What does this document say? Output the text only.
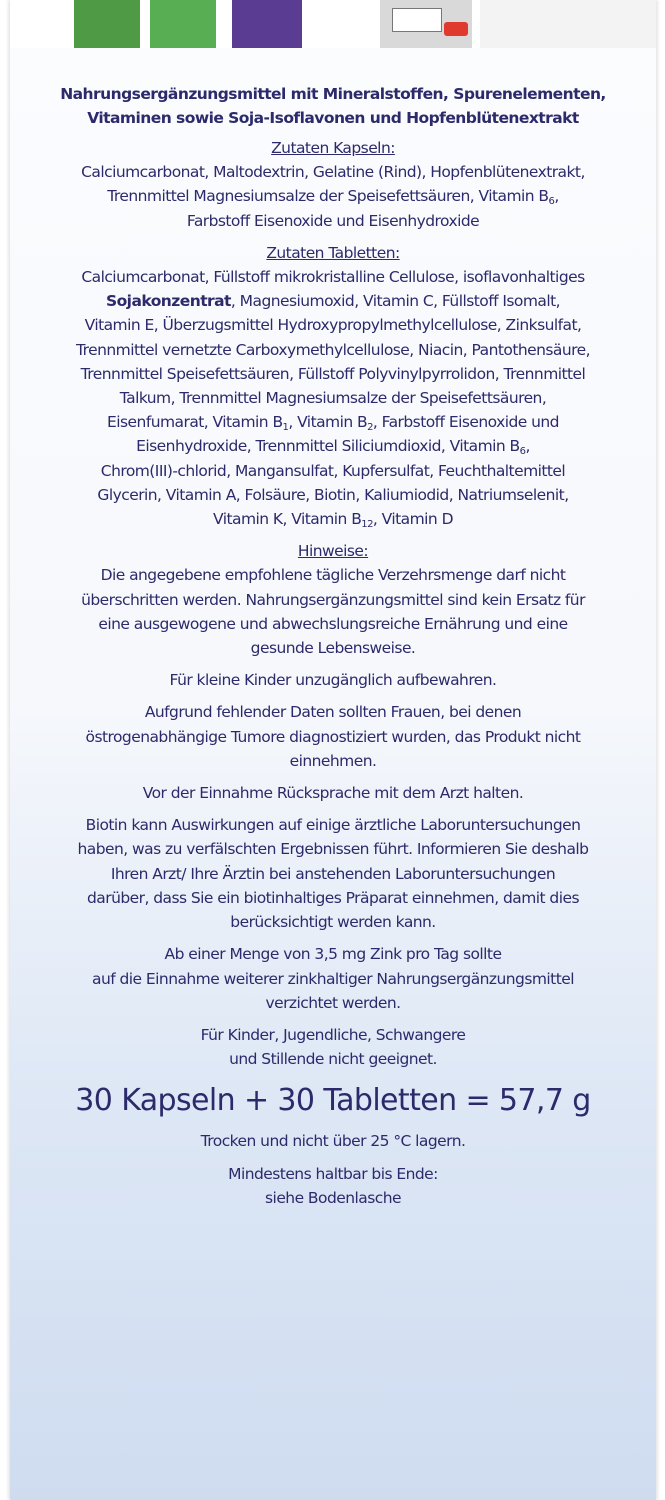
Nahrungsergänzungsmittel mit Mineralstoffen, Spurenelementen,
Vitaminen sowie Soja-Isoflavonen und Hopfenblütenextrakt
Zutaten Kapseln:
Calciumcarbonat, Maltodextrin, Gelatine (Rind), Hopfenblütenextrakt,
Trennmittel Magnesiumsalze der Speisefettsäuren, Vitamin $B_6$,
Farbstoff Eisenoxide und Eisenhydroxide
Zutaten Tabletten:
Calciumcarbonat, Füllstoff mikrokristalline Cellulose, isoflavonhaltiges
Sojakonzentrat, Magnesiumoxid, Vitamin C, Füllstoff Isomalt,
Vitamin E, Überzugsmittel Hydroxypropylmethylcellulose, Zinksulfat,
Trennmittel vernetzte Carboxymethylcellulose, Niacin, Pantothensäure,
Trennmittel Speisefettsäuren, Füllstoff Polyvinylpyrrolidon, Trennmittel
Talkum, Trennmittel Magnesiumsalze der Speisefettsäuren,
Eisenfumarat, Vitamin $B_1$, Vitamin $B_2$, Farbstoff Eisenoxide und
Eisenhydroxide, Trennmittel Siliciumdioxid, Vitamin $B_6$,
Chrom(III)-chlorid, Mangansulfat, Kupfersulfat, Feuchthaltemittel
Glycerin, Vitamin A, Folsäure, Biotin, Kaliumiodid, Natriumselenit,
Vitamin K, Vitamin $B_{12}$, Vitamin D
Hinweise:
Die angegebene empfohlene tägliche Verzehrsmenge darf nicht
überschritten werden. Nahrungsergänzungsmittel sind kein Ersatz für
eine ausgewogene und abwechslungsreiche Ernährung und eine
gesunde Lebensweise.
Für kleine Kinder unzugänglich aufbewahren.
Aufgrund fehlender Daten sollten Frauen, bei denen
östrogenabhängige Tumore diagnostiziert wurden, das Produkt nicht
einnehmen.
Vor der Einnahme Rücksprache mit dem Arzt halten.
Biotin kann Auswirkungen auf einige ärztliche Laboruntersuchungen
haben, was zu verfälschten Ergebnissen führt. Informieren Sie deshalb
Ihren Arzt/ Ihre Ärztin bei anstehenden Laboruntersuchungen
darüber, dass Sie ein biotinhaltiges Präparat einnehmen, damit dies
berücksichtigt werden kann.
Ab einer Menge von 3,5 mg Zink pro Tag sollte
auf die Einnahme weiterer zinkhaltiger Nahrungsergänzungsmittel
verzichtet werden.
Für Kinder, Jugendliche, Schwangere
und Stillende nicht geeignet.
30 Kapseln + 30 Tabletten = 57,7 g
Trocken und nicht über 25 °C lagern.
Mindestens haltbar bis Ende:
siehe Bodenlasche
